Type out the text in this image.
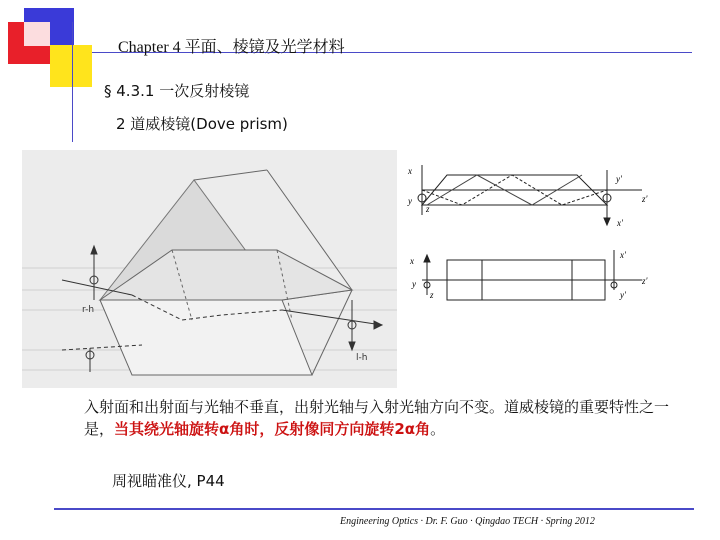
Chapter 4 平面、棱镜及光学材料
§ 4.3.1 一次反射棱镜
2 道威棱镜(Dove prism)
r-h
l-h
x
y
z
x'
y'
z'
x
y
z
x'
y'
z'
入射面和出射面与光轴不垂直，出射光轴与入射光轴方向不变。道威棱镜的重要特性之一是，当其绕光轴旋转α角时，反射像同方向旋转2α角。
周视瞄准仪, P44
Engineering Optics · Dr. F. Guo · Qingdao TECH · Spring 2012
